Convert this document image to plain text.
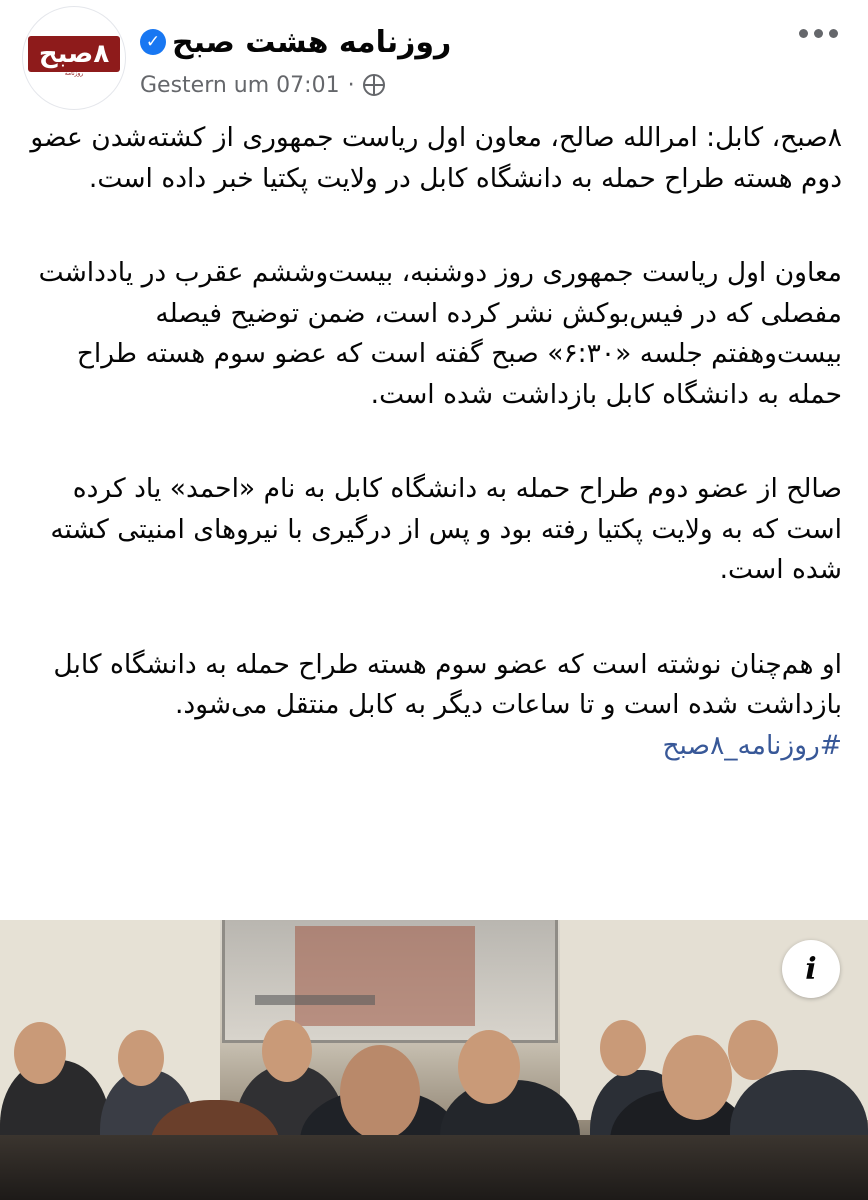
۸صبح
روزنامه
✓ روزنامه هشت صبح
Gestern um 07:01 ·

۸صبح، کابل: امرالله صالح، معاون اول ریاست جمهوری از کشته‌شدن عضو دوم هسته طراح حمله به دانشگاه کابل در ولایت پکتیا خبر داده است.

معاون اول ریاست جمهوری روز دوشنبه، بیست‌وششم عقرب در یادداشت مفصلی که در فیس‌بوکش نشر کرده است، ضمن توضیح فیصله بیست‌وهفتم جلسه «۶:۳۰» صبح گفته است که عضو سوم هسته طراح حمله به دانشگاه کابل بازداشت شده است.

صالح از عضو دوم طراح حمله به دانشگاه کابل به نام «احمد» یاد کرده است که به ولایت پکتیا رفته بود و پس از درگیری با نیروهای امنیتی کشته شده است.

او هم‌چنان نوشته است که عضو سوم هسته طراح حمله به دانشگاه کابل بازداشت شده است و تا ساعات دیگر به کابل منتقل می‌شود.

#روزنامه_۸صبح
i
